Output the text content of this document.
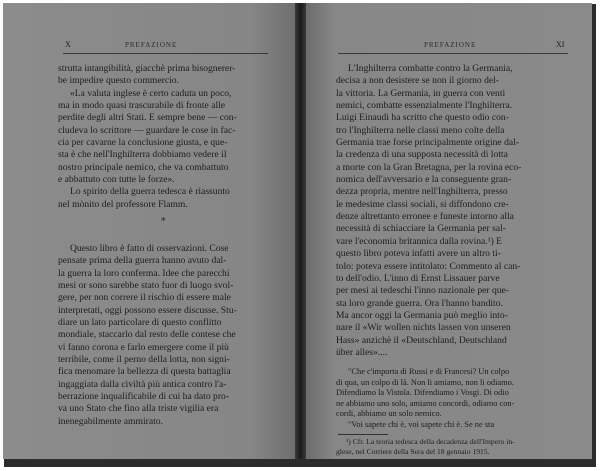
X	PREFAZIONE
strutta intangibilità, giacchè prima bisognerer-
be impedire questo commercio.
«La valuta inglese è certo caduta un poco,
ma in modo quasi trascurabile di fronte alle
perdite degli altri Stati. E sempre bene — con-
cludeva lo scrittore — guardare le cose in fac-
cia per cavarne la conclusione giusta, e que-
sta è che nell'Inghilterra dobbiamo vedere il
nostro principale nemico, che va combattuto
e abbattuto con tutte le forze».
Lo spirito della guerra tedesca è riassunto
nel mònito del professore Flamm.
*
Questo libro è fatto di osservazioni. Cose
pensate prima della guerra hanno avuto dal-
la guerra la loro conferma. Idee che parecchi
mesi or sono sarebbe stato fuor di luogo svol-
gere, per non correre il rischio di essere male
interpretati, oggi possono essere discusse. Stu-
diare un lato particolare di questo conflitto
mondiale, staccarlo dal resto delle contese che
vi fanno corona e farlo emergere come il più
terribile, come il perno della lotta, non signi-
fica menomare la bellezza di questa battaglia
ingaggiata dalla civiltà più antica contro l'a-
berrazione inqualificabile di cui ha dato pro-
va uno Stato che fino alla triste vigilia era
inenegabilmente ammirato.
PREFAZIONE	XI
L'Inghilterra combatte contro la Germania,
decisa a non desistere se non il giorno del-
la vittoria. La Germania, in guerra con venti
nemici, combatte essenzialmente l'Inghilterra.
Luigi Einaudi ha scritto che questo odio con-
tro l'Inghilterra nelle classi meno colte della
Germania trae forse principalmente origine dal-
la credenza di una supposta necessità di lotta
a morte con la Gran Bretagna, per la rovina eco-
nomica dell'avversario e la conseguente gran-
dezza propria, mentre nell'Inghilterra, presso
le medesime classi sociali, si diffondono cre-
denze altrettanto erronee e funeste intorno alla
necessità di schiacciare la Germania per sal-
vare l'economia britannica dalla rovina.¹) E
questo libro poteva infatti avere un altro ti-
tolo: poteva essere intitolato: Commento al can-
to dell'odio. L'inno di Ernst Lissauer parve
per mesi ai tedeschi l'inno nazionale per que-
sta loro grande guerra. Ora l'hanno bandito.
Ma ancor oggi la Germania può meglio into-
nare il «Wir wollen nichts lassen von unseren
Hass» anzichè il «Deutschland, Deutschland
über alles»....
"Che c'importa di Russi e di Francesi? Un colpo
di qua, un colpo di là. Non li amiamo, non li odiamo.
Difendiamo la Vistola. Difendiamo i Vosgi. Di odio
ne abbiamo uno solo, amiamo concordi, odiamo con-
cordi, abbiamo un solo nemico.
"Voi sapete chi è, voi sapete chi è. Se ne sta
¹) Cfr. La teoria tedesca della decadenza dell'Impero in-
glese, nel Corriere della Sera del 18 gennaio 1915.
